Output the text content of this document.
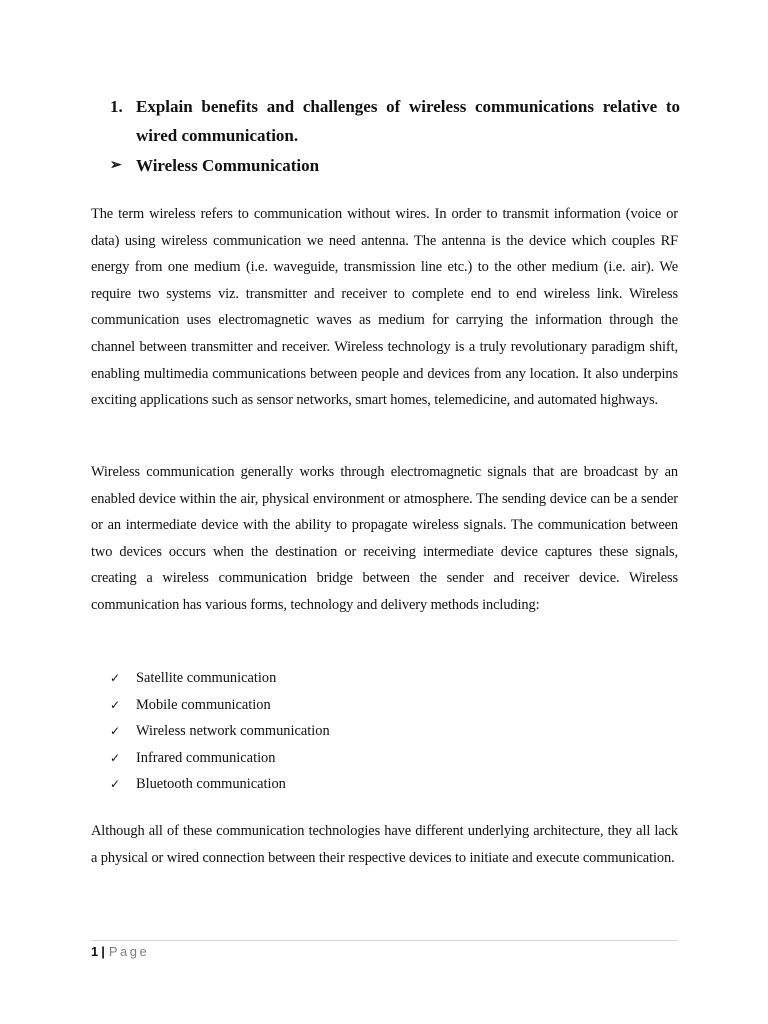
1. Explain benefits and challenges of wireless communications relative to wired communication.
➢ Wireless Communication

The term wireless refers to communication without wires. In order to transmit information (voice or data) using wireless communication we need antenna. The antenna is the device which couples RF energy from one medium (i.e. waveguide, transmission line etc.) to the other medium (i.e. air). We require two systems viz. transmitter and receiver to complete end to end wireless link. Wireless communication uses electromagnetic waves as medium for carrying the information through the channel between transmitter and receiver. Wireless technology is a truly revolutionary paradigm shift, enabling multimedia communications between people and devices from any location. It also underpins exciting applications such as sensor networks, smart homes, telemedicine, and automated highways.

Wireless communication generally works through electromagnetic signals that are broadcast by an enabled device within the air, physical environment or atmosphere. The sending device can be a sender or an intermediate device with the ability to propagate wireless signals. The communication between two devices occurs when the destination or receiving intermediate device captures these signals, creating a wireless communication bridge between the sender and receiver device. Wireless communication has various forms, technology and delivery methods including:

✓	Satellite communication
✓	Mobile communication
✓	Wireless network communication
✓	Infrared communication
✓	Bluetooth communication

Although all of these communication technologies have different underlying architecture, they all lack a physical or wired connection between their respective devices to initiate and execute communication.

1 | Page
